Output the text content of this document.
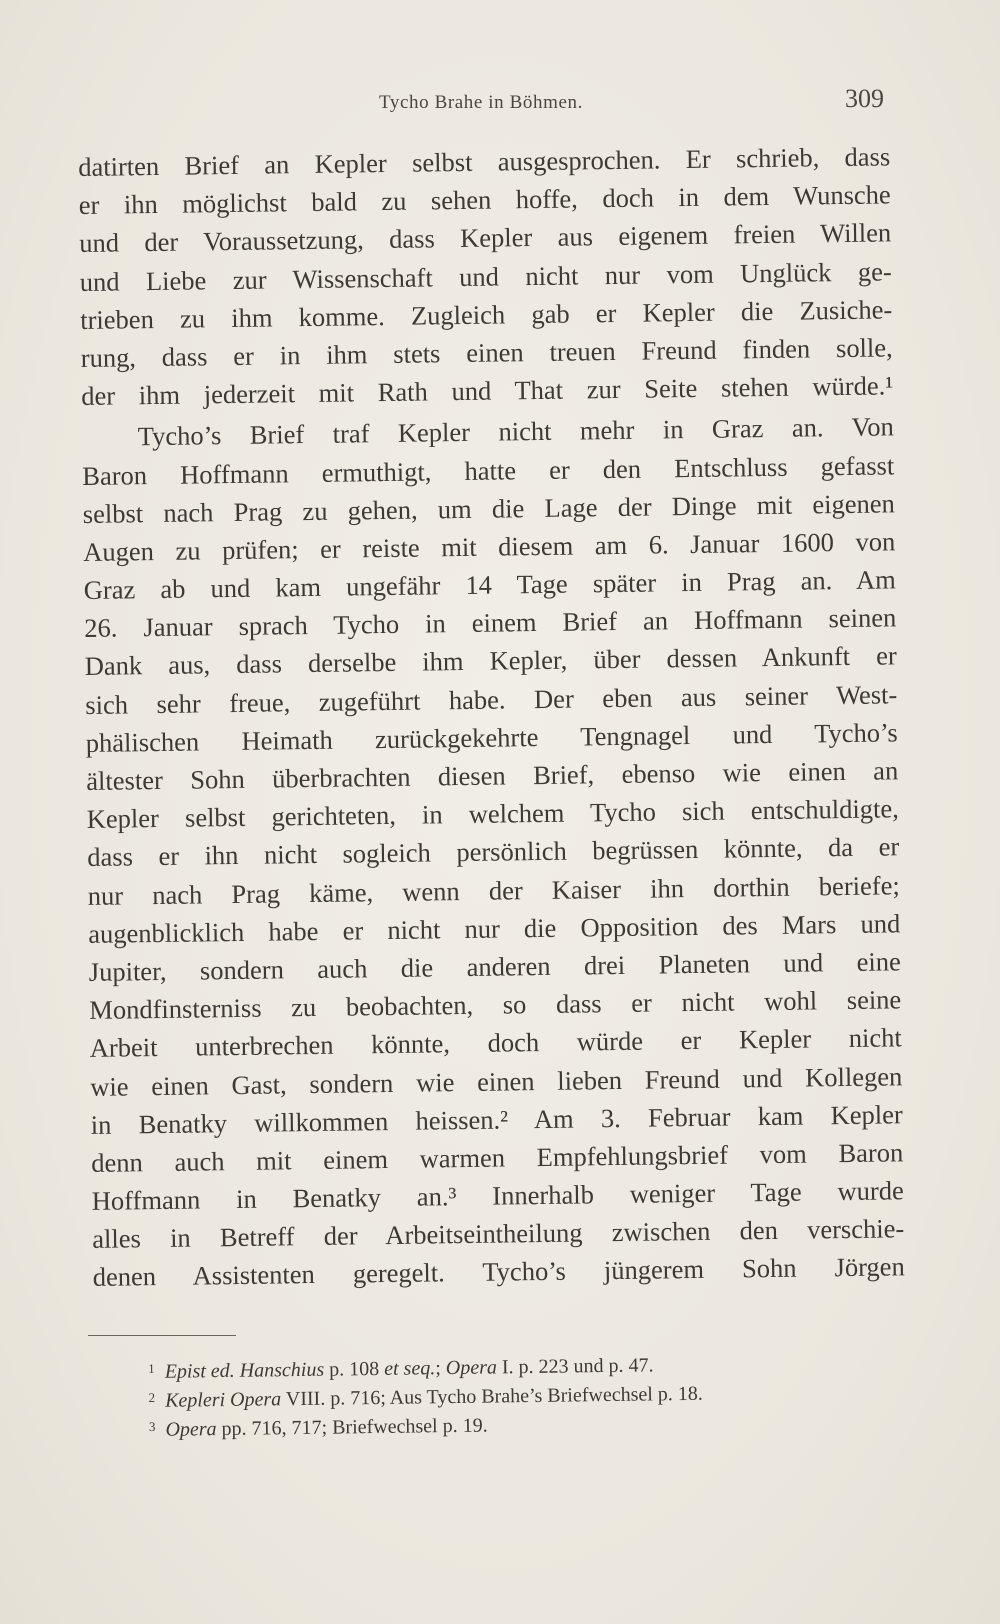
Tycho Brahe in Böhmen.	309
datirten Brief an Kepler selbst ausgesprochen. Er schrieb, dass
er ihn möglichst bald zu sehen hoffe, doch in dem Wunsche
und der Voraussetzung, dass Kepler aus eigenem freien Willen
und Liebe zur Wissenschaft und nicht nur vom Unglück ge-
trieben zu ihm komme. Zugleich gab er Kepler die Zusiche-
rung, dass er in ihm stets einen treuen Freund finden solle,
der ihm jederzeit mit Rath und That zur Seite stehen würde.¹
Tycho’s Brief traf Kepler nicht mehr in Graz an. Von
Baron Hoffmann ermuthigt, hatte er den Entschluss gefasst
selbst nach Prag zu gehen, um die Lage der Dinge mit eigenen
Augen zu prüfen; er reiste mit diesem am 6. Januar 1600 von
Graz ab und kam ungefähr 14 Tage später in Prag an. Am
26. Januar sprach Tycho in einem Brief an Hoffmann seinen
Dank aus, dass derselbe ihm Kepler, über dessen Ankunft er
sich sehr freue, zugeführt habe. Der eben aus seiner West-
phälischen Heimath zurückgekehrte Tengnagel und Tycho’s
ältester Sohn überbrachten diesen Brief, ebenso wie einen an
Kepler selbst gerichteten, in welchem Tycho sich entschuldigte,
dass er ihn nicht sogleich persönlich begrüssen könnte, da er
nur nach Prag käme, wenn der Kaiser ihn dorthin beriefe;
augenblicklich habe er nicht nur die Opposition des Mars und
Jupiter, sondern auch die anderen drei Planeten und eine
Mondfinsterniss zu beobachten, so dass er nicht wohl seine
Arbeit unterbrechen könnte, doch würde er Kepler nicht
wie einen Gast, sondern wie einen lieben Freund und Kollegen
in Benatky willkommen heissen.² Am 3. Februar kam Kepler
denn auch mit einem warmen Empfehlungsbrief vom Baron
Hoffmann in Benatky an.³ Innerhalb weniger Tage wurde
alles in Betreff der Arbeitseintheilung zwischen den verschie-
denen Assistenten geregelt. Tycho’s jüngerem Sohn Jörgen
$^1$ Epist ed. Hanschius p. 108 et seq.; Opera I. p. 223 und p. 47.
$^2$ Kepleri Opera VIII. p. 716; Aus Tycho Brahe’s Briefwechsel p. 18.
$^3$ Opera pp. 716, 717; Briefwechsel p. 19.
